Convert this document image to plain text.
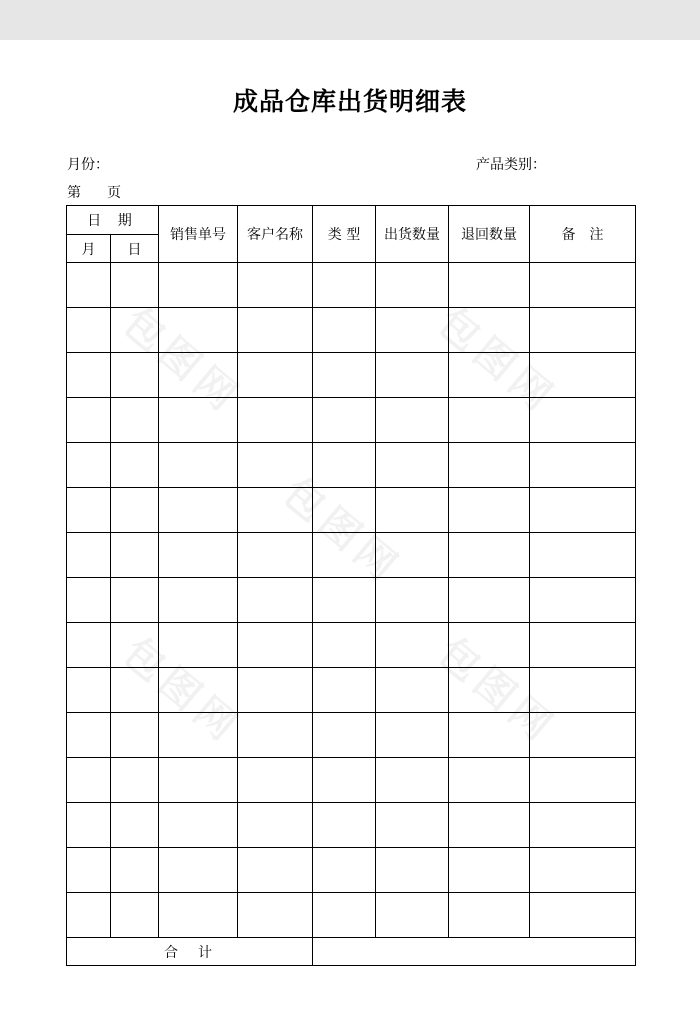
成品仓库出货明细表
月份：	产品类别：
第 页
日 期		销售单号	客户名称	类 型	出货数量	退回数量	备　注
月	日						

合 计							
包图网	包图网
包图网
包图网	包图网
